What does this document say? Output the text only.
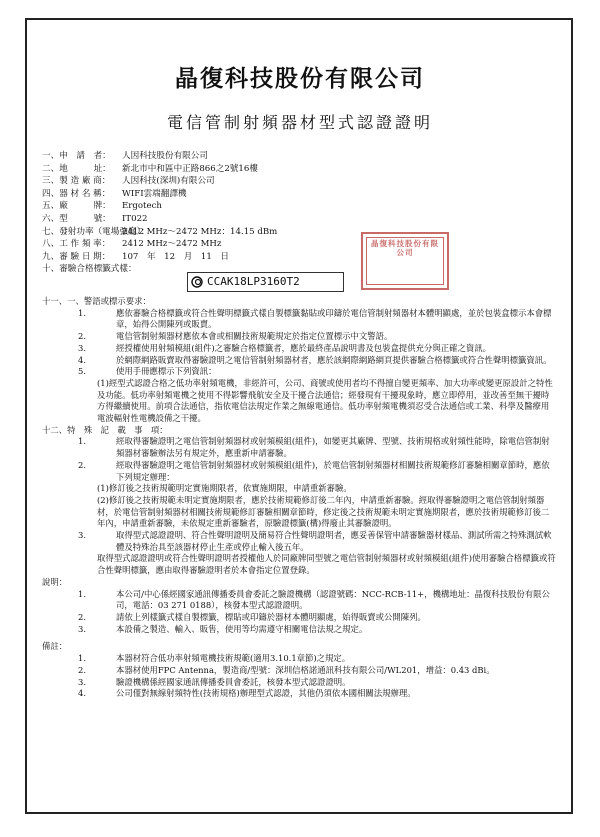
晶復科技股份有限公司
電信管制射頻器材型式認證證明
一、申　請　者：	人因科技股份有限公司
二、地　　　址：	新北市中和區中正路866之2號16樓
三、製 造 廠 商：	人因科技(深圳)有限公司
四、器 材 名 稱：	WIFI雲端翻譯機
五、廠　　　牌：	Ergotech
六、型　　　號：	IT022
七、發射功率（電場強度）：
2412 MHz～2472 MHz：14.15 dBm
八、工 作 頻 率：	2412 MHz～2472 MHz
九、審 驗 日 期：	107　年　12　月　11　日
十、審驗合格標籤式樣：
晶復科技股份有限公司
CCAK18LP3160T2
十一、一、警語或標示要求：
1.	應依審驗合格標籤或符合性聲明標籤式樣自製標籤黏貼或印鑄於電信管制射頻器材本體明顯處，並於包裝盒標示本會標章，始得公開陳列或販賣。
2.	電信管制射頻器材應依本會或相關技術規範規定於指定位置標示中文警語。
3.	經授權使用射頻模組(組件)之審驗合格標籤者，應於最終產品說明書及包裝盒提供充分與正確之資訊。
4.	於網際網路販賣取得審驗證明之電信管制射頻器材者，應於該網際網路網頁提供審驗合格標籤或符合性聲明標籤資訊。
5.	使用手冊應標示下列資訊：
(1)經型式認證合格之低功率射頻電機，非經許可，公司、商號或使用者均不得擅自變更頻率、加大功率或變更原設計之特性及功能。低功率射頻電機之使用不得影響飛航安全及干擾合法通信；經發現有干擾現象時，應立即停用，並改善至無干擾時方得繼續使用。前項合法通信，指依電信法規定作業之無線電通信。低功率射頻電機須忍受合法通信或工業、科學及醫療用電波輻射性電機設備之干擾。
十二、特　殊　記　載　事　項：
1.	經取得審驗證明之電信管制射頻器材或射頻模組(組件)，如變更其廠牌、型號、技術規格或射頻性能時，除電信管制射頻器材審驗辦法另有規定外，應重新申請審驗。
2.	經取得審驗證明之電信管制射頻器材或射頻模組(組件)，於電信管制射頻器材相關技術規範修訂審驗相關章節時，應依下列規定辦理：
(1)修訂後之技術規範明定實施期限者，依實施期限，申請重新審驗。
(2)修訂後之技術規範未明定實施期限者，應於技術規範修訂後二年內，申請重新審驗。經取得審驗證明之電信管制射頻器材，於電信管制射頻器材相關技術規範修訂審驗相關章節時，修定後之技術規範未明定實施期限者，應於技術規範修訂後二年內，申請重新審驗，未依規定重新審驗者，原驗證標籤(構)得廢止其審驗證明。
3.	取得型式認證證明、符合性聲明證明及簡易符合性聲明證明者，應妥善保管申請審驗器材樣品、測試所需之特殊測試軟體及特殊治具至該器材停止生產或停止輸入後五年。
取得型式認證證明或符合性聲明證明者授權他人於同廠牌同型號之電信管制射頻器材或射頻模組(組件)使用審驗合格標籤或符合性聲明標籤，應由取得審驗證明者於本會指定位置登錄。
說明：
1.	本公司/中心係經國家通訊傳播委員會委託之驗證機構（認證號碼：NCC-RCB-11+，機構地址：晶復科技股份有限公司，電話：03 271 0188），核發本型式認證證明。
2.	請依上列樣籤式樣自製標籤，標貼或印鑄於器材本體明顯處，始得販賣或公開陳列。
3.	本設備之製造、輸入、販售，使用等均需遵守相關電信法規之規定。
備註：
1.	本器材符合低功率射頻電機技術規範(適用3.10.1章節)之規定。
2.	本器材使用FPC Antenna，製造商/型號：深圳信格諾通訊科技有限公司/WL201，增益：0.43 dBi。
3.	驗證機構係經國家通訊傳播委員會委託，核發本型式認證證明。
4.	公司僅對無線射頻特性(技術規格)辦理型式認證，其他仍須依本國相關法規辦理。
